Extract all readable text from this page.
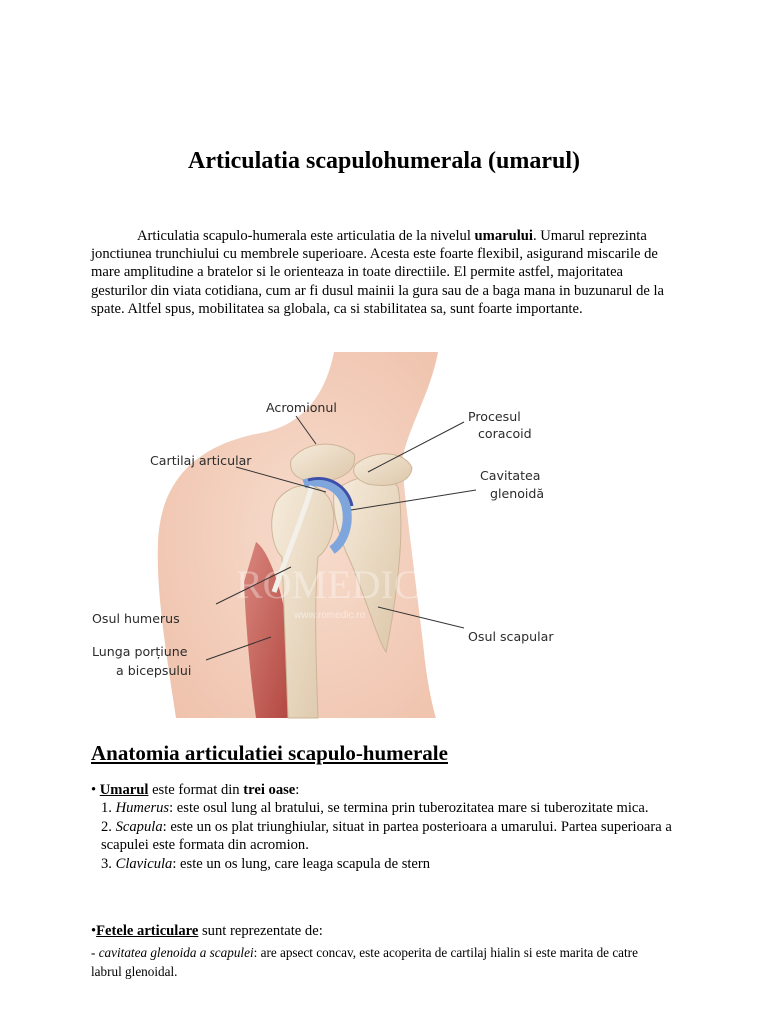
Articulatia scapulohumerala (umarul)
Articulatia scapulo-humerala este articulatia de la nivelul umarului. Umarul reprezinta jonctiunea trunchiului cu membrele superioare. Acesta este foarte flexibil, asigurand miscarile de mare amplitudine a bratelor si le orienteaza in toate directiile. El permite astfel, majoritatea gesturilor din viata cotidiana, cum ar fi dusul mainii la gura sau de a baga mana in buzunarul de la spate. Altfel spus, mobilitatea sa globala, ca si stabilitatea sa, sunt foarte importante.
ROMEDIC
www.romedic.ro
Acromionul
Procesul
coracoid
Cartilaj articular
Cavitatea
glenoidă
Osul humerus
Lunga porțiune
a bicepsului
Osul scapular
Anatomia articulatiei scapulo-humerale
• Umarul este format din trei oase:
1. Humerus: este osul lung al bratului, se termina prin tuberozitatea mare si tuberozitate mica.
2. Scapula: este un os plat triunghiular, situat in partea posterioara a umarului. Partea superioara a scapulei este formata din acromion.
3. Clavicula: este un os lung, care leaga scapula de stern
•Fetele articulare sunt reprezentate de:
- cavitatea glenoida a scapulei: are apsect concav, este acoperita de cartilaj hialin si este marita de catre labrul glenoidal.
